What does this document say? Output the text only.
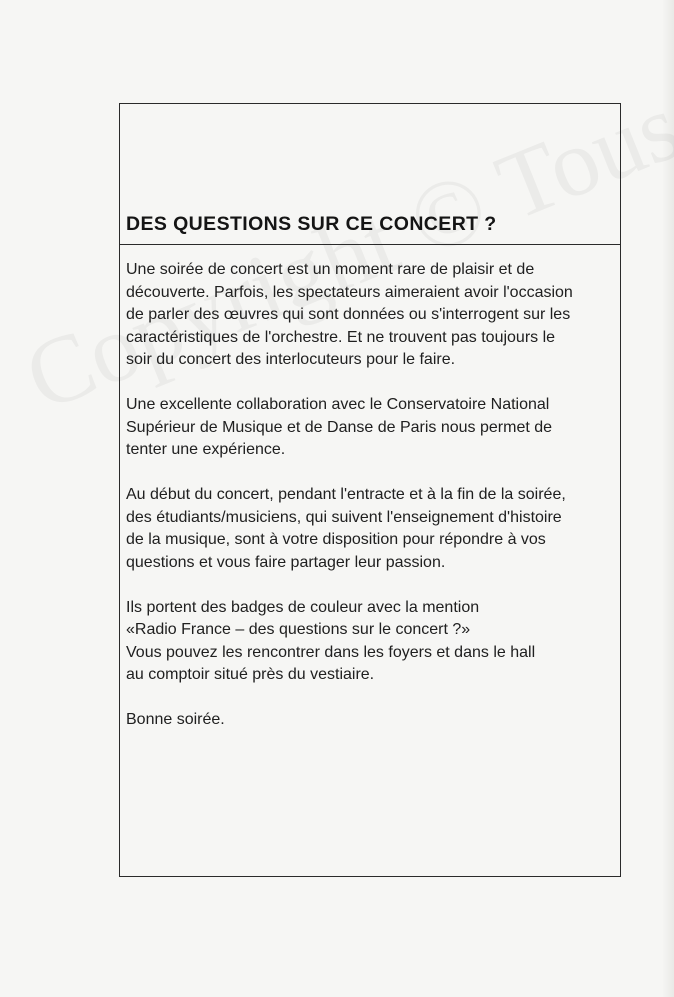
DES QUESTIONS SUR CE CONCERT ?

Une soirée de concert est un moment rare de plaisir et de
découverte. Parfois, les spectateurs aimeraient avoir l'occasion
de parler des œuvres qui sont données ou s'interrogent sur les
caractéristiques de l'orchestre. Et ne trouvent pas toujours le
soir du concert des interlocuteurs pour le faire.

Une excellente collaboration avec le Conservatoire National
Supérieur de Musique et de Danse de Paris nous permet de
tenter une expérience.

Au début du concert, pendant l'entracte et à la fin de la soirée,
des étudiants/musiciens, qui suivent l'enseignement d'histoire
de la musique, sont à votre disposition pour répondre à vos
questions et vous faire partager leur passion.

Ils portent des badges de couleur avec la mention
«Radio France – des questions sur le concert ?»
Vous pouvez les rencontrer dans les foyers et dans le hall
au comptoir situé près du vestiaire.

Bonne soirée.
